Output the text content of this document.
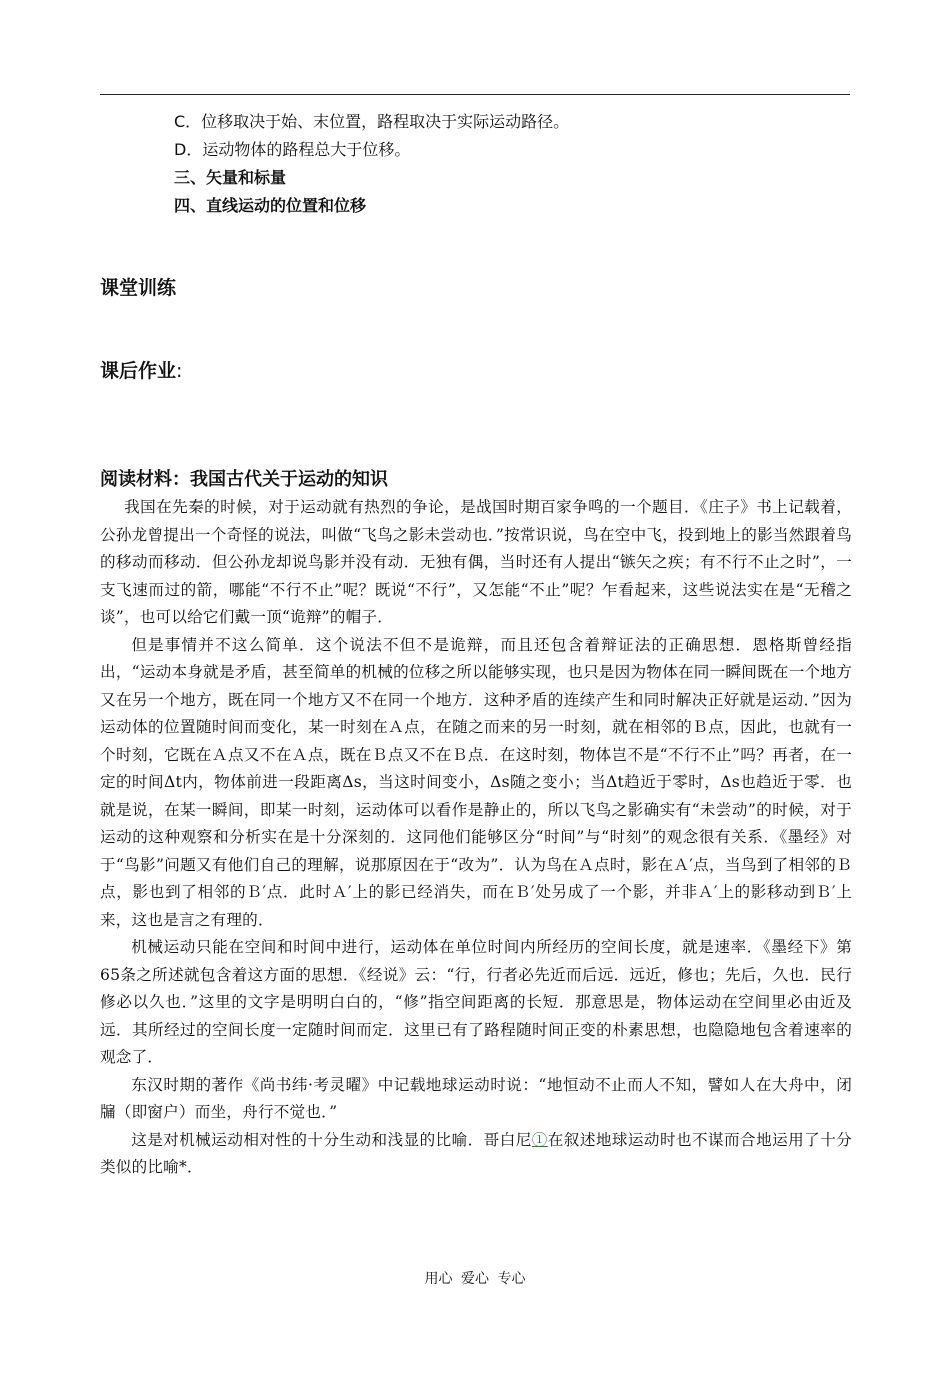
C．位移取决于始、末位置，路程取决于实际运动路径。
D．运动物体的路程总大于位移。
三、矢量和标量
四、直线运动的位置和位移
课堂训练
课后作业:
阅读材料：我国古代关于运动的知识

我国在先秦的时候，对于运动就有热烈的争论，是战国时期百家争鸣的一个题目．《庄子》书上记载着，公孙龙曾提出一个奇怪的说法，叫做“飞鸟之影未尝动也．”按常识说，鸟在空中飞，投到地上的影当然跟着鸟的移动而移动．但公孙龙却说鸟影并没有动．无独有偶，当时还有人提出“镞矢之疾；有不行不止之时”，一支飞速而过的箭，哪能“不行不止”呢？既说“不行”，又怎能“不止”呢？乍看起来，这些说法实在是“无稽之谈”，也可以给它们戴一顶“诡辩”的帽子．

但是事情并不这么简单．这个说法不但不是诡辩，而且还包含着辩证法的正确思想．恩格斯曾经指出，“运动本身就是矛盾，甚至简单的机械的位移之所以能够实现，也只是因为物体在同一瞬间既在一个地方又在另一个地方，既在同一个地方又不在同一个地方．这种矛盾的连续产生和同时解决正好就是运动．”因为运动体的位置随时间而变化，某一时刻在Ａ点，在随之而来的另一时刻，就在相邻的Ｂ点，因此，也就有一个时刻，它既在Ａ点又不在Ａ点，既在Ｂ点又不在Ｂ点．在这时刻，物体岂不是“不行不止”吗？再者，在一定的时间Δt内，物体前进一段距离Δs，当这时间变小，Δs随之变小；当Δt趋近于零时，Δs也趋近于零．也就是说，在某一瞬间，即某一时刻，运动体可以看作是静止的，所以飞鸟之影确实有“未尝动”的时候，对于运动的这种观察和分析实在是十分深刻的．这同他们能够区分“时间”与“时刻”的观念很有关系．《墨经》对于“鸟影”问题又有他们自己的理解，说那原因在于“改为”．认为鸟在Ａ点时，影在Ａ′点，当鸟到了相邻的Ｂ点，影也到了相邻的Ｂ′点．此时Ａ′上的影已经消失，而在Ｂ′处另成了一个影，并非Ａ′上的影移动到Ｂ′上来，这也是言之有理的．

机械运动只能在空间和时间中进行，运动体在单位时间内所经历的空间长度，就是速率．《墨经下》第65条之所述就包含着这方面的思想．《经说》云：“行，行者必先近而后远．远近，修也；先后，久也．民行修必以久也．”这里的文字是明明白白的，“修”指空间距离的长短．那意思是，物体运动在空间里必由近及远．其所经过的空间长度一定随时间而定．这里已有了路程随时间正变的朴素思想，也隐隐地包含着速率的观念了．

东汉时期的著作《尚书纬·考灵曜》中记载地球运动时说：“地恒动不止而人不知，譬如人在大舟中，闭牖（即窗户）而坐，舟行不觉也．”

这是对机械运动相对性的十分生动和浅显的比喻．哥白尼①在叙述地球运动时也不谋而合地运用了十分类似的比喻*．

用心 爱心 专心
